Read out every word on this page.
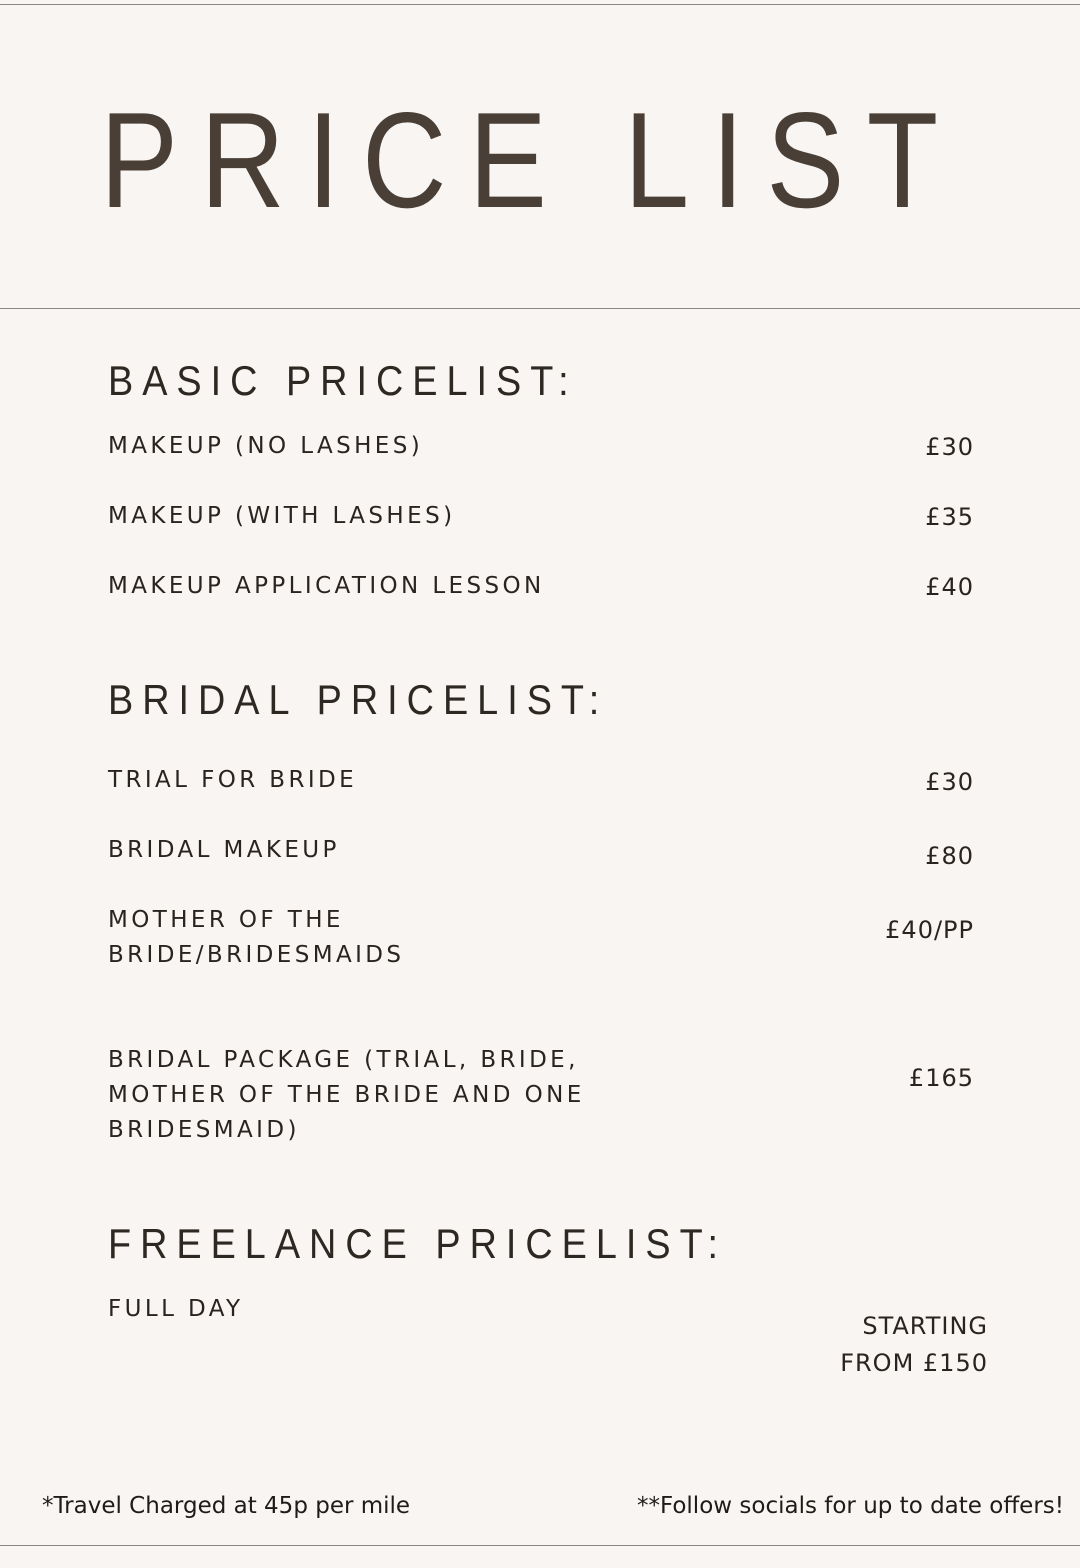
PRICE LIST
BASIC PRICELIST:
MAKEUP (NO LASHES)	£30
MAKEUP (WITH LASHES)	£35
MAKEUP APPLICATION LESSON	£40
BRIDAL PRICELIST:
TRIAL FOR BRIDE	£30
BRIDAL MAKEUP	£80
MOTHER OF THE
BRIDE/BRIDESMAIDS
£40/PP
BRIDAL PACKAGE (TRIAL, BRIDE,
MOTHER OF THE BRIDE AND ONE
BRIDESMAID)
£165
FREELANCE PRICELIST:
FULL DAY
STARTING
FROM £150
*Travel Charged at 45p per mile	**Follow socials for up to date offers!
